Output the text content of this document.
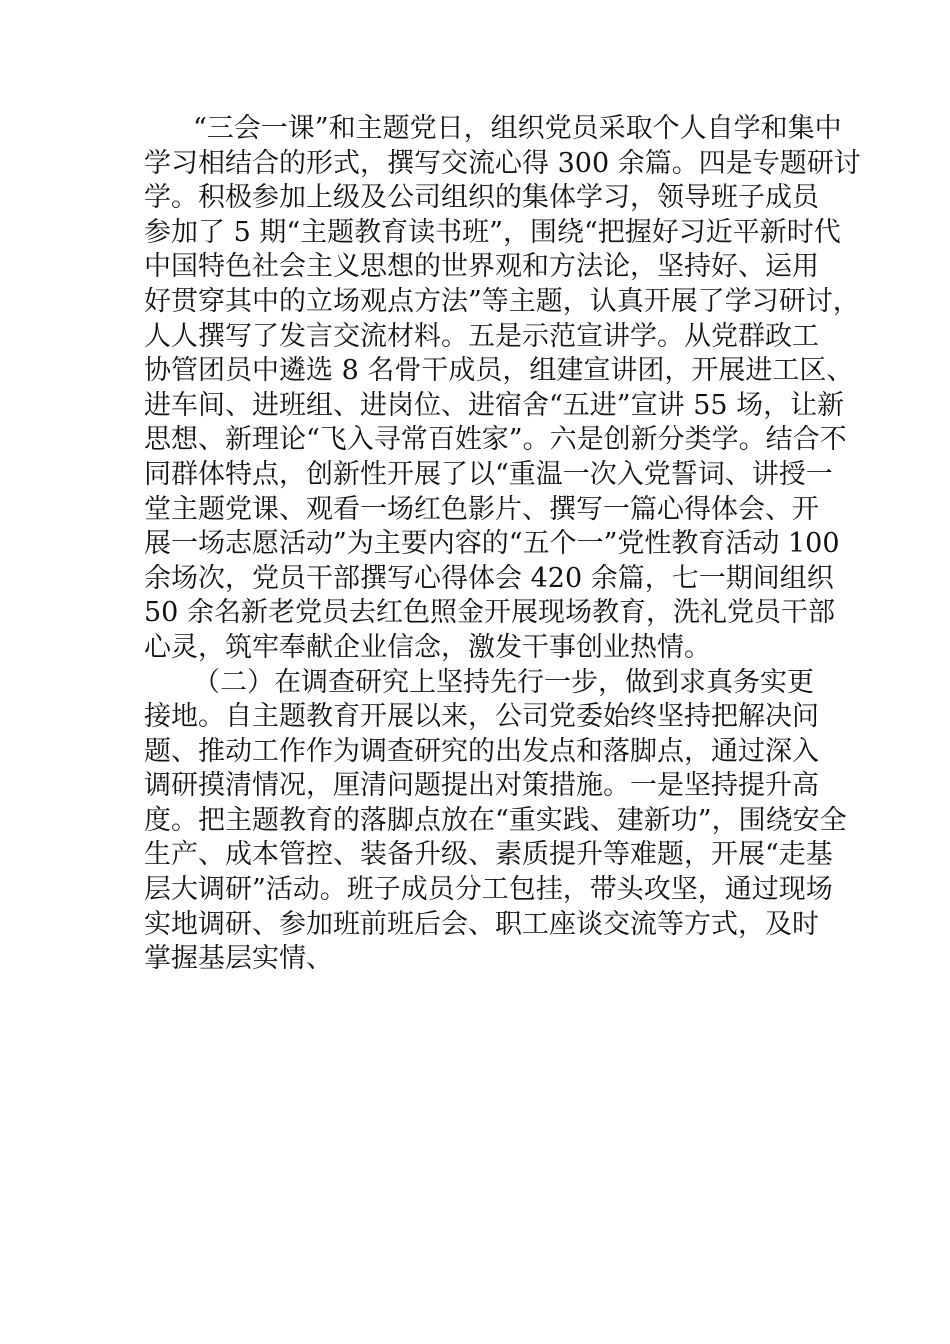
“三会一课”和主题党日，组织党员采取个人自学和集中
学习相结合的形式，撰写交流心得 300 余篇。四是专题研讨
学。积极参加上级及公司组织的集体学习，领导班子成员
参加了 5 期“主题教育读书班”，围绕“把握好习近平新时代
中国特色社会主义思想的世界观和方法论，坚持好、运用
好贯穿其中的立场观点方法”等主题，认真开展了学习研讨，
人人撰写了发言交流材料。五是示范宣讲学。从党群政工
协管团员中遴选 8 名骨干成员，组建宣讲团，开展进工区、
进车间、进班组、进岗位、进宿舍“五进”宣讲 55 场，让新
思想、新理论“飞入寻常百姓家”。六是创新分类学。结合不
同群体特点，创新性开展了以“重温一次入党誓词、讲授一
堂主题党课、观看一场红色影片、撰写一篇心得体会、开
展一场志愿活动”为主要内容的“五个一”党性教育活动 100
余场次，党员干部撰写心得体会 420 余篇，七一期间组织
50 余名新老党员去红色照金开展现场教育，洗礼党员干部
心灵，筑牢奉献企业信念，激发干事创业热情。
（二）在调查研究上坚持先行一步，做到求真务实更
接地。自主题教育开展以来，公司党委始终坚持把解决问
题、推动工作作为调查研究的出发点和落脚点，通过深入
调研摸清情况，厘清问题提出对策措施。一是坚持提升高
度。把主题教育的落脚点放在“重实践、建新功”，围绕安全
生产、成本管控、装备升级、素质提升等难题，开展“走基
层大调研”活动。班子成员分工包挂，带头攻坚，通过现场
实地调研、参加班前班后会、职工座谈交流等方式，及时
掌握基层实情、
